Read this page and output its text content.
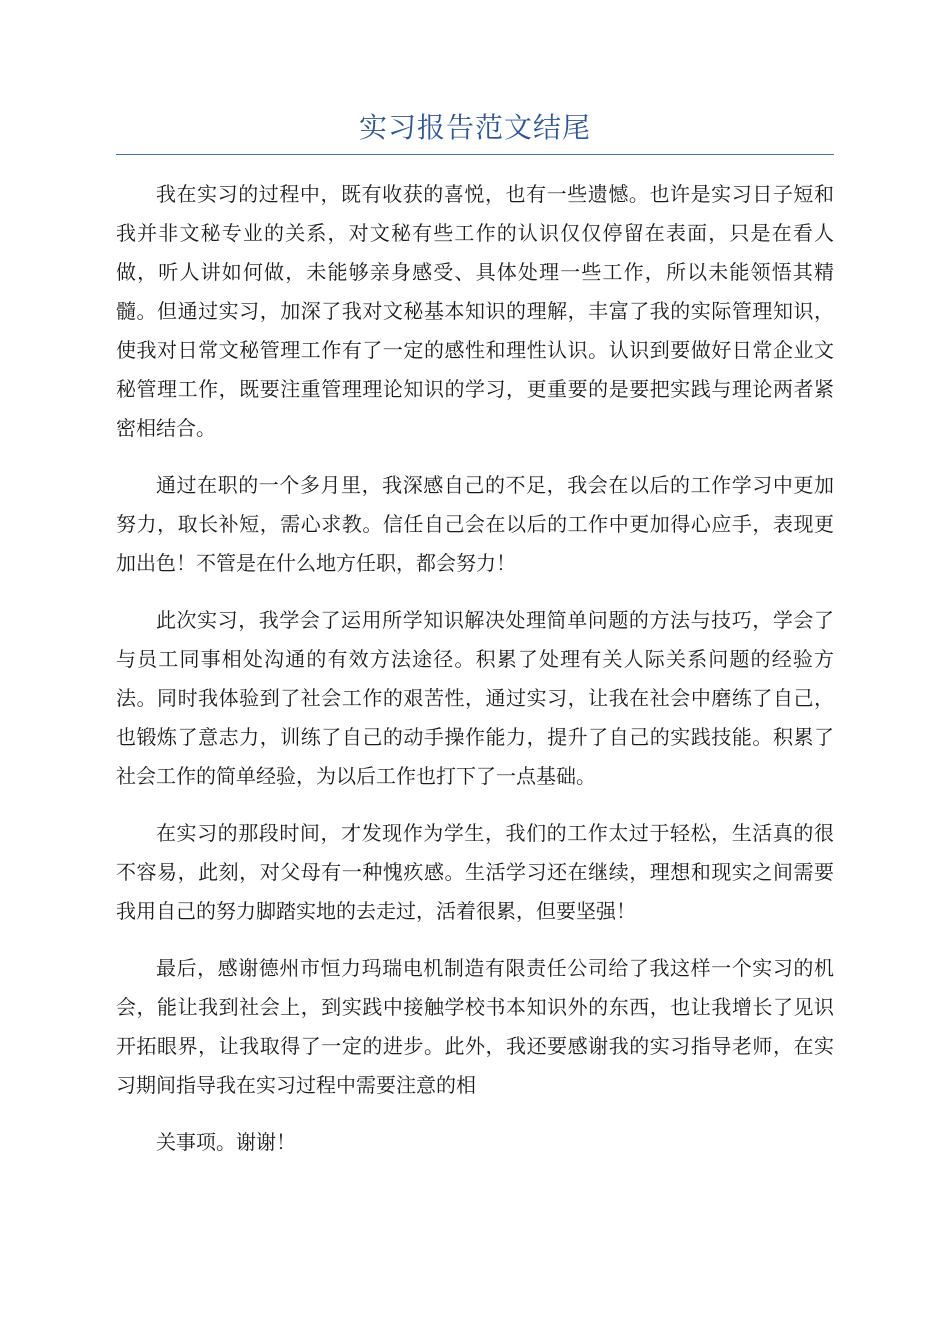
实习报告范文结尾

我在实习的过程中，既有收获的喜悦，也有一些遗憾。也许是实习日子短和我并非文秘专业的关系，对文秘有些工作的认识仅仅停留在表面，只是在看人做，听人讲如何做，未能够亲身感受、具体处理一些工作，所以未能领悟其精髓。但通过实习，加深了我对文秘基本知识的理解，丰富了我的实际管理知识，使我对日常文秘管理工作有了一定的感性和理性认识。认识到要做好日常企业文秘管理工作，既要注重管理理论知识的学习，更重要的是要把实践与理论两者紧密相结合。

通过在职的一个多月里，我深感自己的不足，我会在以后的工作学习中更加努力，取长补短，需心求教。信任自己会在以后的工作中更加得心应手，表现更加出色！不管是在什么地方任职，都会努力！

此次实习，我学会了运用所学知识解决处理简单问题的方法与技巧，学会了与员工同事相处沟通的有效方法途径。积累了处理有关人际关系问题的经验方法。同时我体验到了社会工作的艰苦性，通过实习，让我在社会中磨练了自己，也锻炼了意志力，训练了自己的动手操作能力，提升了自己的实践技能。积累了社会工作的简单经验，为以后工作也打下了一点基础。

在实习的那段时间，才发现作为学生，我们的工作太过于轻松，生活真的很不容易，此刻，对父母有一种愧疚感。生活学习还在继续，理想和现实之间需要我用自己的努力脚踏实地的去走过，活着很累，但要坚强！

最后，感谢德州市恒力玛瑞电机制造有限责任公司给了我这样一个实习的机会，能让我到社会上，到实践中接触学校书本知识外的东西，也让我增长了见识开拓眼界，让我取得了一定的进步。此外，我还要感谢我的实习指导老师，在实习期间指导我在实习过程中需要注意的相

关事项。谢谢！
